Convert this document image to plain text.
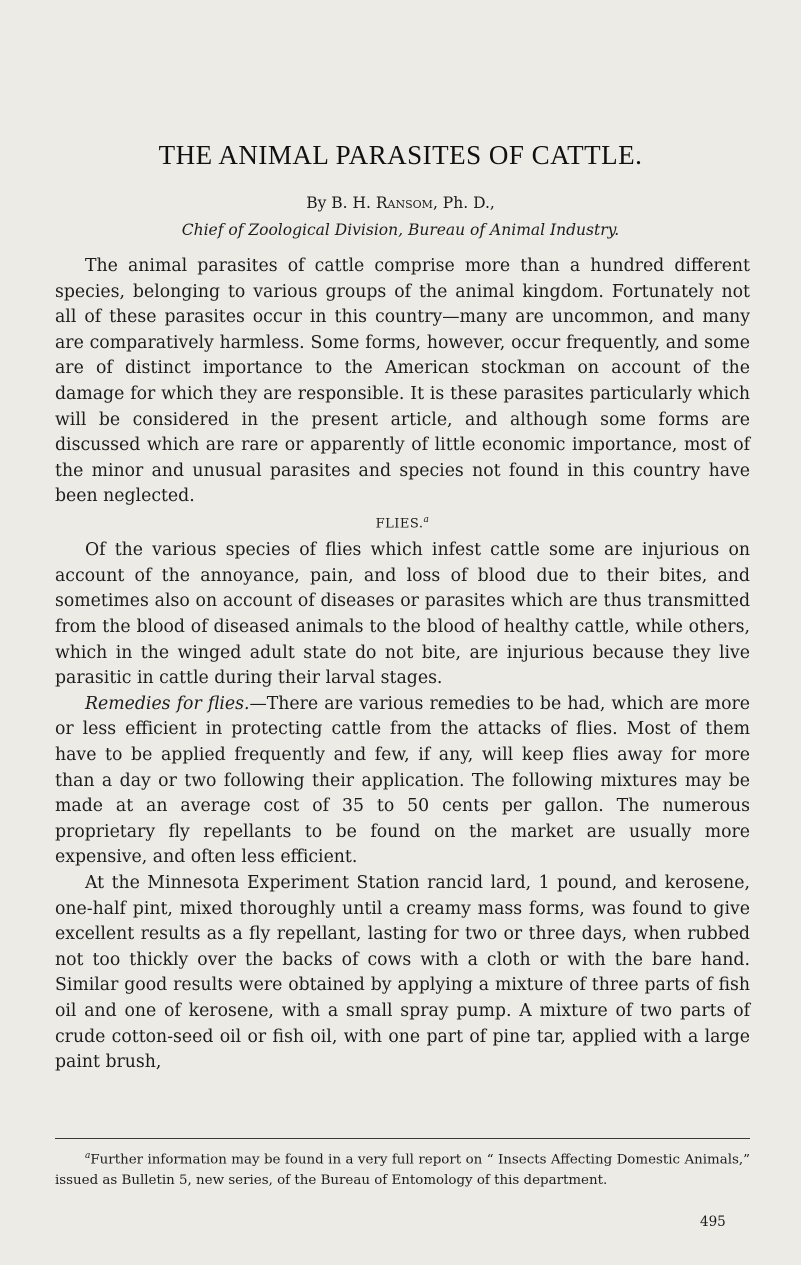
THE ANIMAL PARASITES OF CATTLE.
By B. H. Ransom, Ph. D.,
Chief of Zoological Division, Bureau of Animal Industry.

The animal parasites of cattle comprise more than a hundred different species, belonging to various groups of the animal kingdom. Fortunately not all of these parasites occur in this country—many are uncommon, and many are comparatively harmless. Some forms, however, occur frequently, and some are of distinct importance to the American stockman on account of the damage for which they are responsible. It is these parasites particularly which will be considered in the present article, and although some forms are discussed which are rare or apparently of little economic importance, most of the minor and unusual parasites and species not found in this country have been neglected.

FLIES.$^a$

Of the various species of flies which infest cattle some are injurious on account of the annoyance, pain, and loss of blood due to their bites, and sometimes also on account of diseases or parasites which are thus transmitted from the blood of diseased animals to the blood of healthy cattle, while others, which in the winged adult state do not bite, are injurious because they live parasitic in cattle during their larval stages.

Remedies for flies.—There are various remedies to be had, which are more or less efficient in protecting cattle from the attacks of flies. Most of them have to be applied frequently and few, if any, will keep flies away for more than a day or two following their application. The following mixtures may be made at an average cost of 35 to 50 cents per gallon. The numerous proprietary fly repellants to be found on the market are usually more expensive, and often less efficient.

At the Minnesota Experiment Station rancid lard, 1 pound, and kerosene, one-half pint, mixed thoroughly until a creamy mass forms, was found to give excellent results as a fly repellant, lasting for two or three days, when rubbed not too thickly over the backs of cows with a cloth or with the bare hand. Similar good results were obtained by applying a mixture of three parts of fish oil and one of kerosene, with a small spray pump. A mixture of two parts of crude cotton-seed oil or fish oil, with one part of pine tar, applied with a large paint brush,

$^a$Further information may be found in a very full report on “ Insects Affecting Domestic Animals,” issued as Bulletin 5, new series, of the Bureau of Entomology of this department.

495
